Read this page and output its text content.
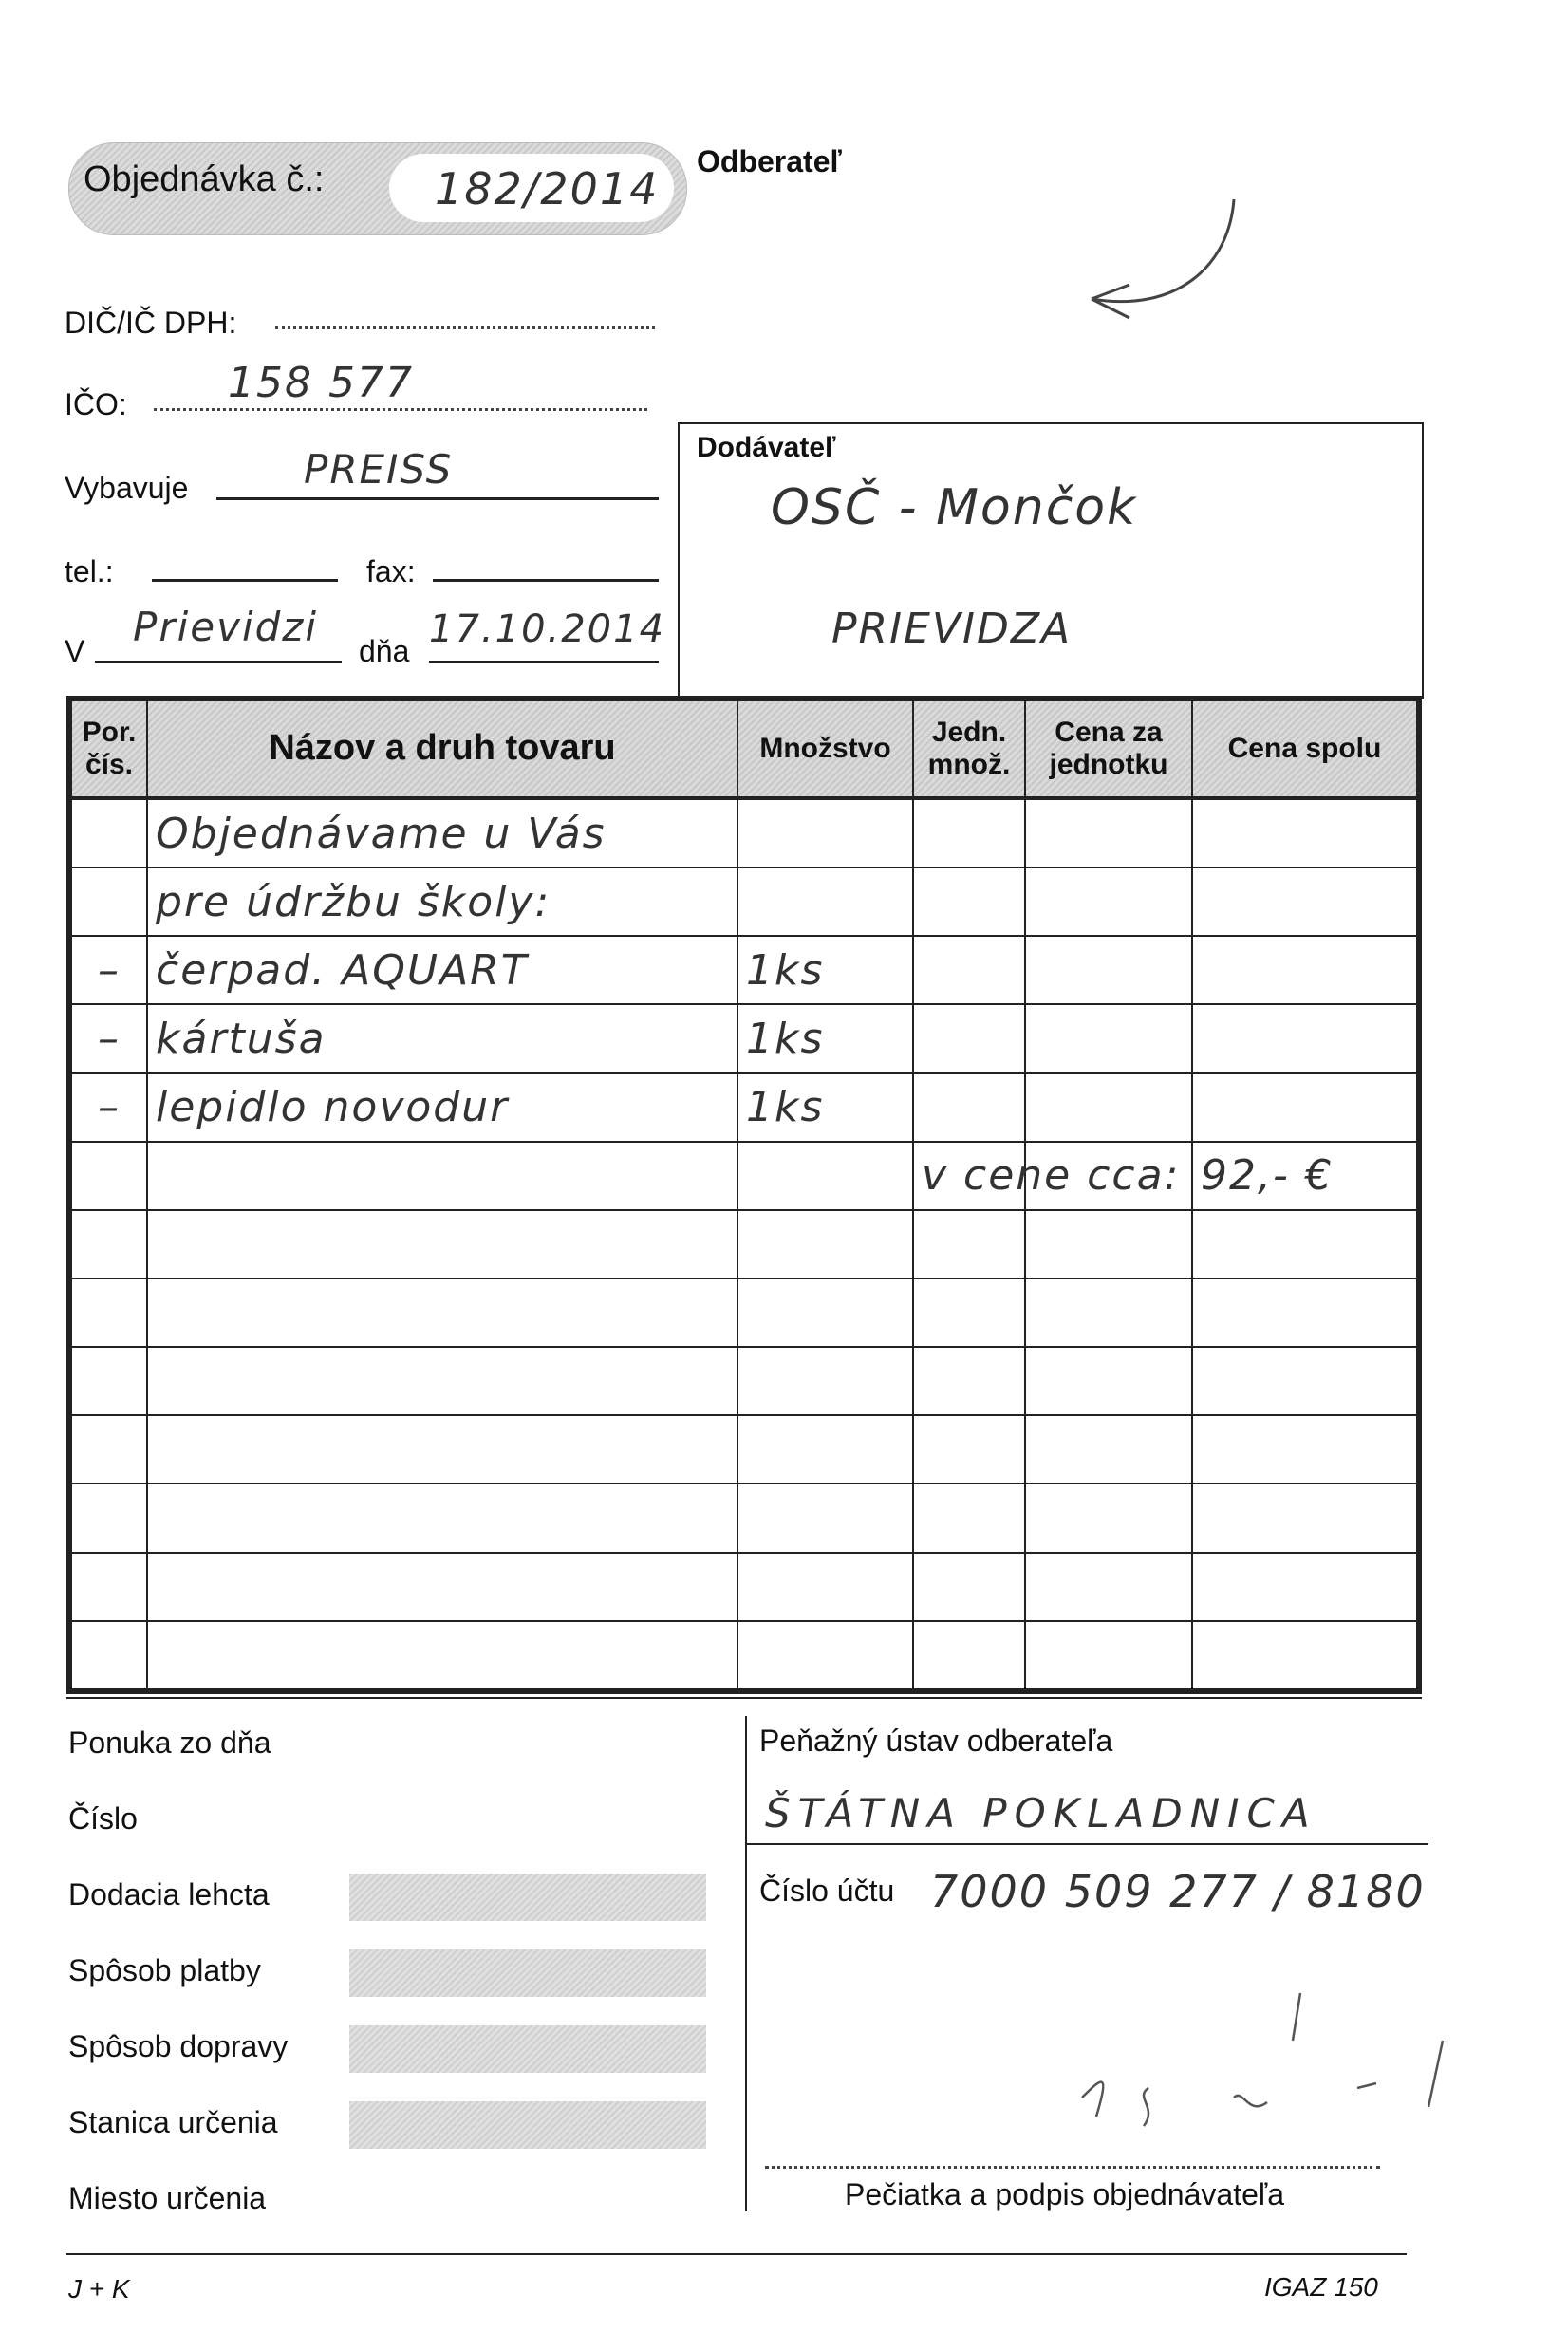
Objednávka č.:	182/2014
Odberateľ
DIČ/IČ DPH:
IČO: 158 577
Vybavuje	PREISS
tel.:	fax:
V
Prievidzi
dňa 17.10.2014
Dodávateľ
OSČ - Mončok
PRIEVIDZA
Por. čís.	Názov a druh tovaru	Množstvo	Jedn. množ.	Cena za jednotku	Cena spolu
	Objednávame u Vás				
	pre údržbu školy:				
–	čerpad. AQUART	1ks			
–	kártuša	1ks			
–	lepidlo novodur	1ks			
			v cene cca:		92,- €

Ponuka zo dňa
Číslo
Dodacia lehcta
Spôsob platby
Spôsob dopravy
Stanica určenia
Miesto určenia
Peňažný ústav odberateľa
ŠTÁTNA POKLADNICA
Číslo účtu 7000 509 277 / 8180
Pečiatka a podpis objednávateľa
J + K	IGAZ 150
